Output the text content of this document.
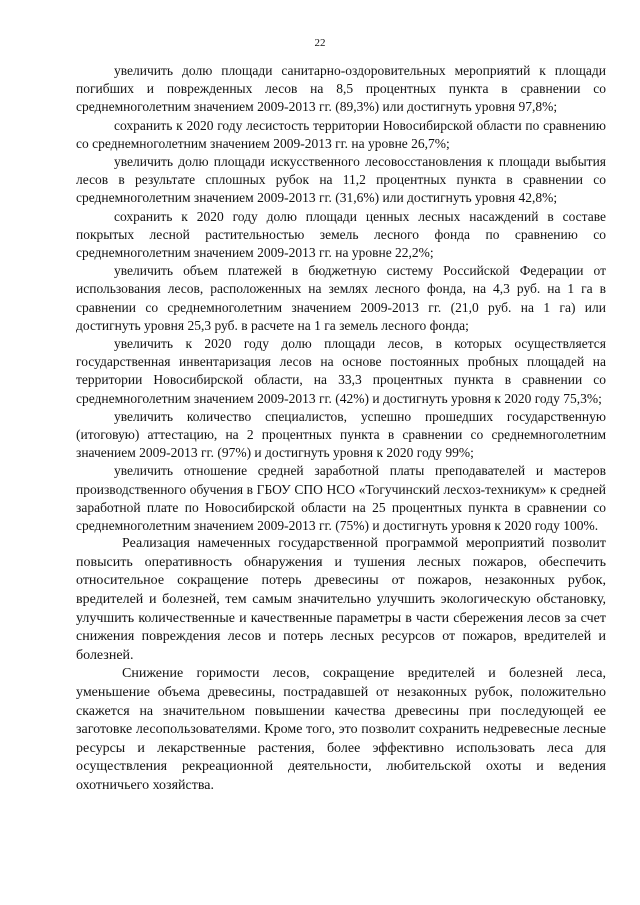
22

увеличить долю площади санитарно-оздоровительных мероприятий к площади погибших и поврежденных лесов на 8,5 процентных пункта в сравнении со среднемноголетним значением 2009-2013 гг. (89,3%) или достигнуть уровня 97,8%;

сохранить к 2020 году лесистость территории Новосибирской области по сравнению со среднемноголетним значением 2009-2013 гг. на уровне 26,7%;

увеличить долю площади искусственного лесовосстановления к площади выбытия лесов в результате сплошных рубок на 11,2 процентных пункта в сравнении со среднемноголетним значением 2009-2013 гг. (31,6%) или достигнуть уровня 42,8%;

сохранить к 2020 году долю площади ценных лесных насаждений в составе покрытых лесной растительностью земель лесного фонда по сравнению со среднемноголетним значением 2009-2013 гг. на уровне 22,2%;

увеличить объем платежей в бюджетную систему Российской Федерации от использования лесов, расположенных на землях лесного фонда, на 4,3 руб. на 1 га в сравнении со среднемноголетним значением 2009-2013 гг. (21,0 руб. на 1 га) или достигнуть уровня 25,3 руб. в расчете на 1 га земель лесного фонда;

увеличить к 2020 году долю площади лесов, в которых осуществляется государственная инвентаризация лесов на основе постоянных пробных площадей на территории Новосибирской области, на 33,3 процентных пункта в сравнении со среднемноголетним значением 2009-2013 гг. (42%) и достигнуть уровня к 2020 году 75,3%;

увеличить количество специалистов, успешно прошедших государственную (итоговую) аттестацию, на 2 процентных пункта в сравнении со среднемноголетним значением 2009-2013 гг. (97%) и достигнуть уровня к 2020 году 99%;

увеличить отношение средней заработной платы преподавателей и мастеров производственного обучения в ГБОУ СПО НСО «Тогучинский лесхоз-техникум» к средней заработной плате по Новосибирской области на 25 процентных пункта в сравнении со среднемноголетним значением 2009-2013 гг. (75%) и достигнуть уровня к 2020 году 100%.

Реализация намеченных государственной программой мероприятий позволит повысить оперативность обнаружения и тушения лесных пожаров, обеспечить относительное сокращение потерь древесины от пожаров, незаконных рубок, вредителей и болезней, тем самым значительно улучшить экологическую обстановку, улучшить количественные и качественные параметры в части сбережения лесов за счет снижения повреждения лесов и потерь лесных ресурсов от пожаров, вредителей и болезней.

Снижение горимости лесов, сокращение вредителей и болезней леса, уменьшение объема древесины, пострадавшей от незаконных рубок, положительно скажется на значительном повышении качества древесины при последующей ее заготовке лесопользователями. Кроме того, это позволит сохранить недревесные лесные ресурсы и лекарственные растения, более эффективно использовать леса для осуществления рекреационной деятельности, любительской охоты и ведения охотничьего хозяйства.
